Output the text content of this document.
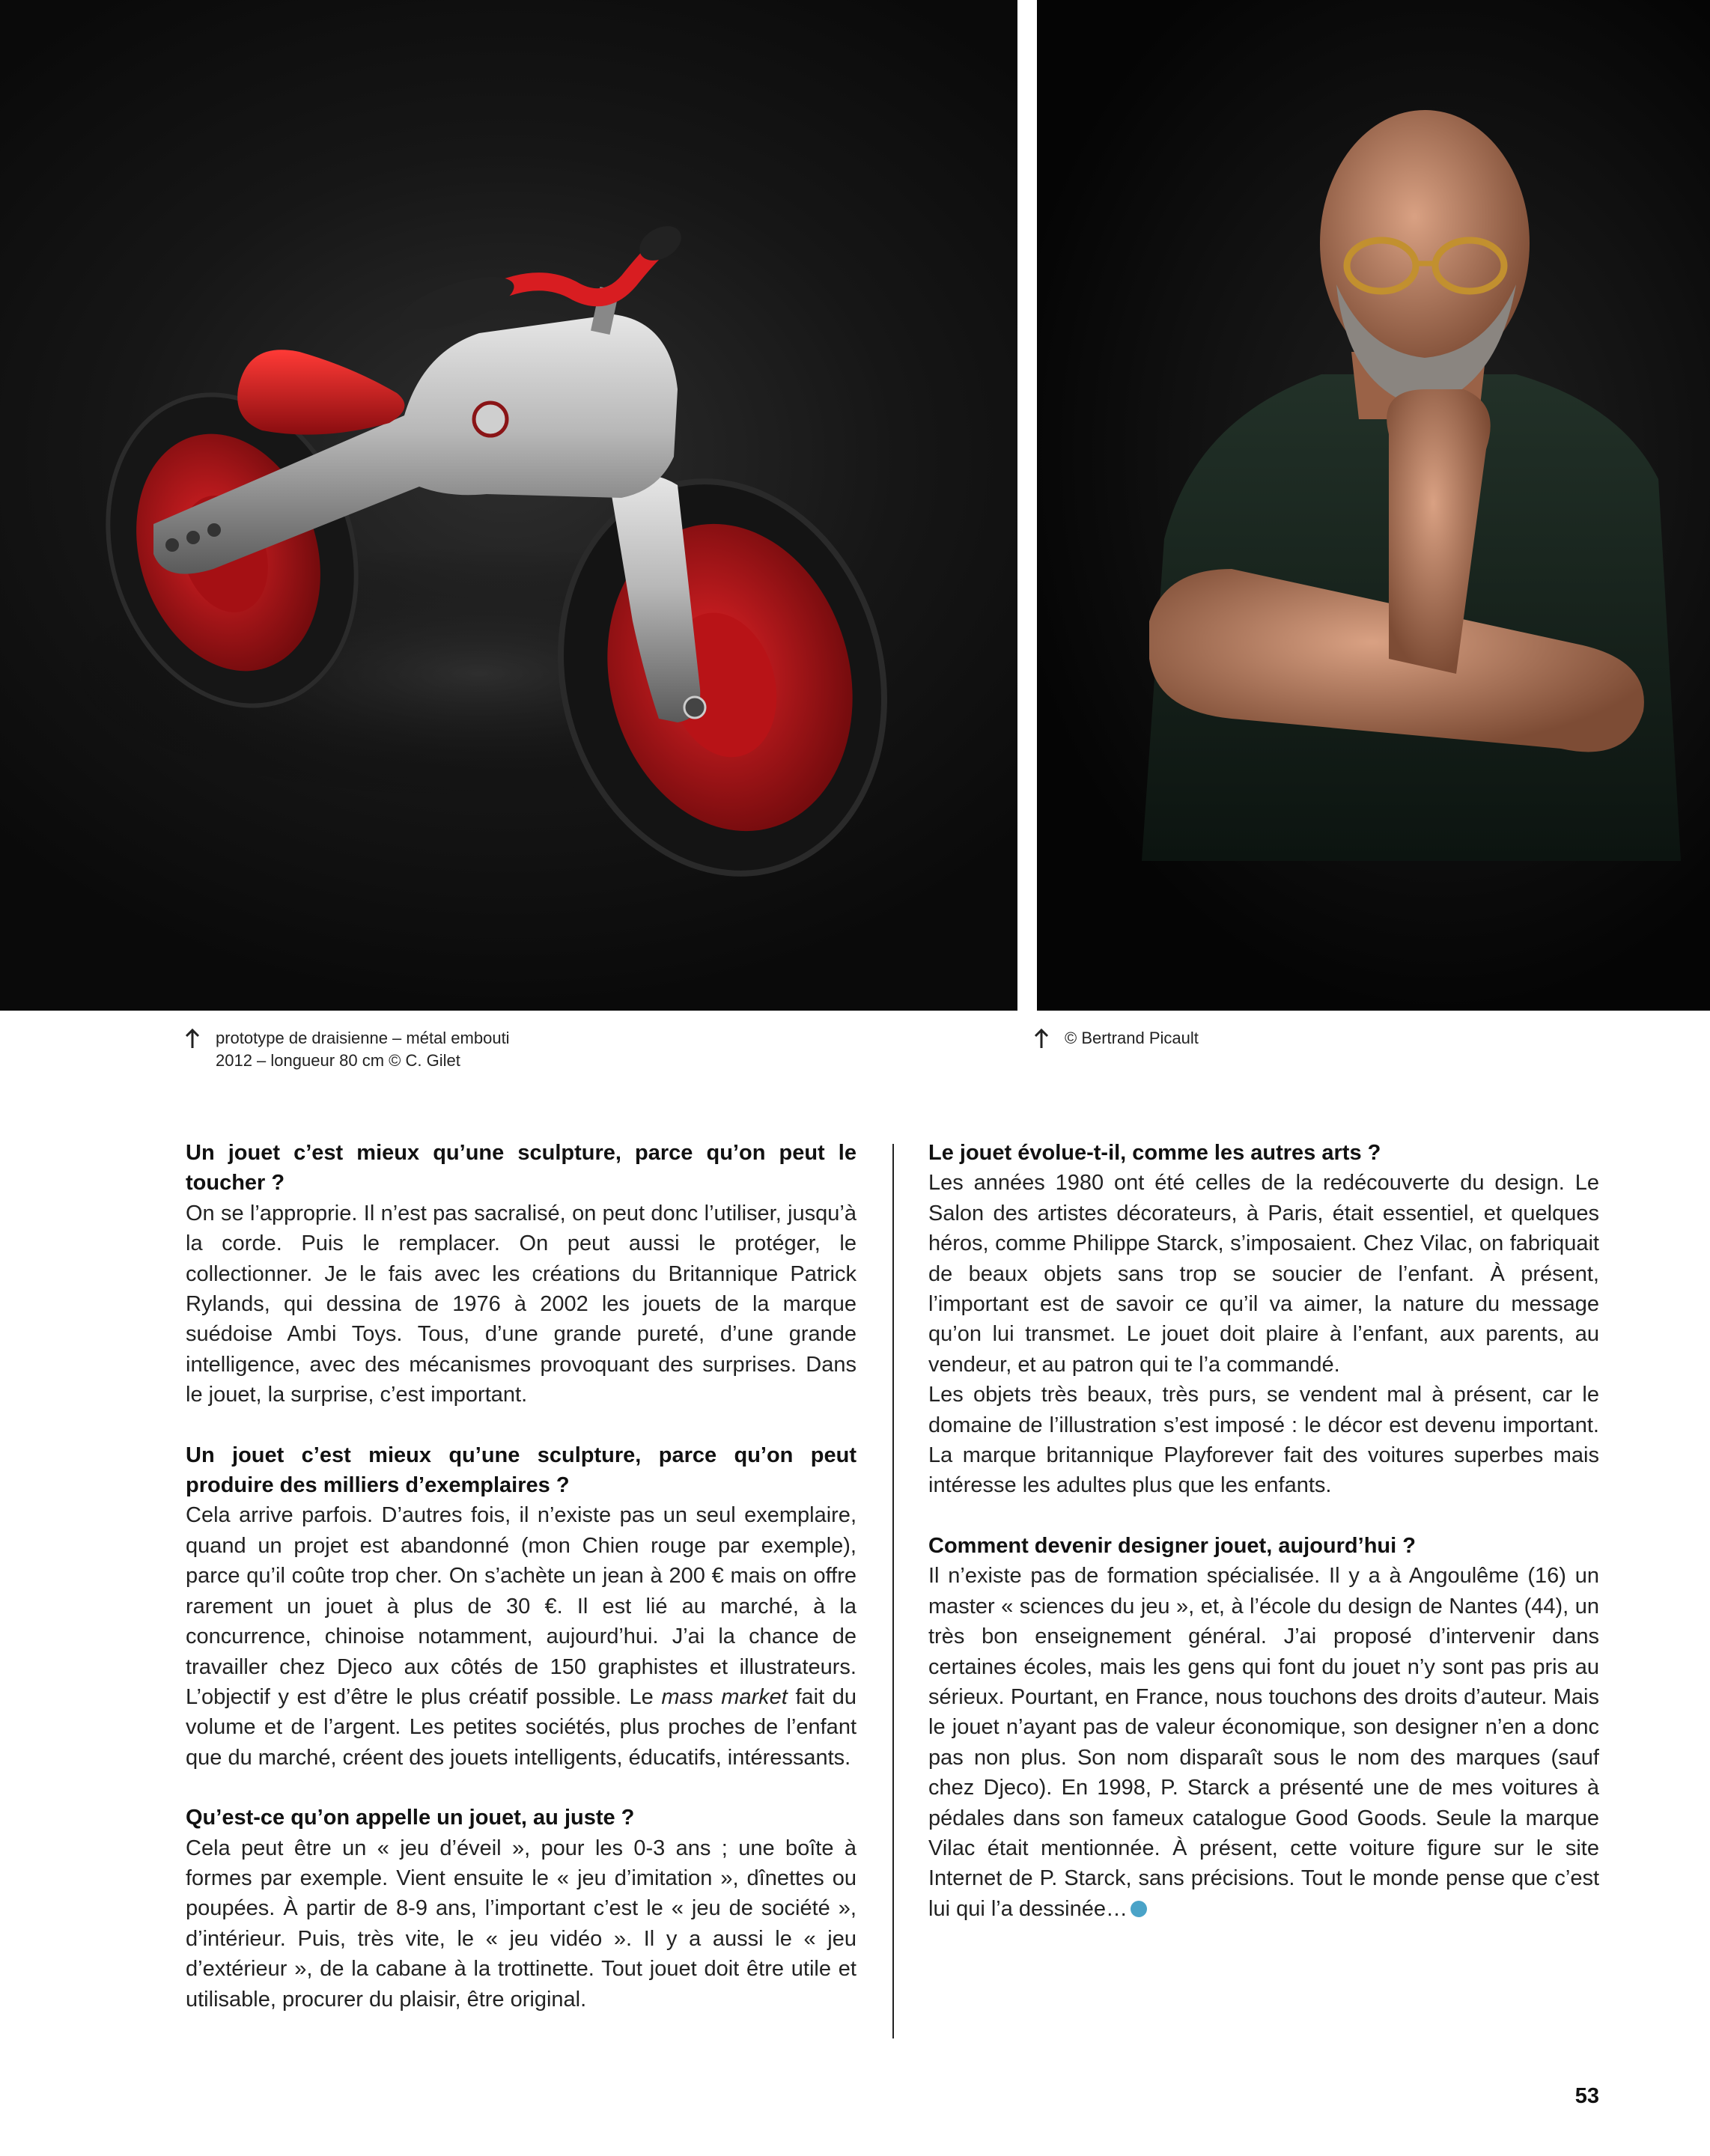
prototype de draisienne – métal embouti
2012 – longueur 80 cm © C. Gilet
© Bertrand Picault

Un jouet c’est mieux qu’une sculpture, parce qu’on peut le toucher ?

On se l’approprie. Il n’est pas sacralisé, on peut donc l’utiliser, jusqu’à la corde. Puis le remplacer. On peut aussi le protéger, le collectionner. Je le fais avec les créations du Britannique Patrick Rylands, qui dessina de 1976 à 2002 les jouets de la marque suédoise Ambi Toys. Tous, d’une grande pureté, d’une grande intelligence, avec des mécanismes provoquant des surprises. Dans le jouet, la surprise, c’est important.

Un jouet c’est mieux qu’une sculpture, parce qu’on peut produire des milliers d’exemplaires ?

Cela arrive parfois. D’autres fois, il n’existe pas un seul exemplaire, quand un projet est abandonné (mon Chien rouge par exemple), parce qu’il coûte trop cher. On s’achète un jean à 200 € mais on offre rarement un jouet à plus de 30 €. Il est lié au marché, à la concurrence, chinoise notamment, aujourd’hui. J’ai la chance de travailler chez Djeco aux côtés de 150 graphistes et illustrateurs. L’objectif y est d’être le plus créatif possible. Le mass market fait du volume et de l’argent. Les petites sociétés, plus proches de l’enfant que du marché, créent des jouets intelligents, éducatifs, intéressants.

Qu’est-ce qu’on appelle un jouet, au juste ?

Cela peut être un « jeu d’éveil », pour les 0-3 ans ; une boîte à formes par exemple. Vient ensuite le « jeu d’imitation », dînettes ou poupées. À partir de 8-9 ans, l’important c’est le « jeu de société », d’intérieur. Puis, très vite, le « jeu vidéo ». Il y a aussi le « jeu d’extérieur », de la cabane à la trottinette. Tout jouet doit être utile et utilisable, procurer du plaisir, être original.

Le jouet évolue-t-il, comme les autres arts ?

Les années 1980 ont été celles de la redécouverte du design. Le Salon des artistes décorateurs, à Paris, était essentiel, et quelques héros, comme Philippe Starck, s’imposaient. Chez Vilac, on fabriquait de beaux objets sans trop se soucier de l’enfant. À présent, l’important est de savoir ce qu’il va aimer, la nature du message qu’on lui transmet. Le jouet doit plaire à l’enfant, aux parents, au vendeur, et au patron qui te l’a commandé.

Les objets très beaux, très purs, se vendent mal à présent, car le domaine de l’illustration s’est imposé : le décor est devenu important. La marque britannique Playforever fait des voitures superbes mais intéresse les adultes plus que les enfants.

Comment devenir designer jouet, aujourd’hui ?

Il n’existe pas de formation spécialisée. Il y a à Angoulême (16) un master « sciences du jeu », et, à l’école du design de Nantes (44), un très bon enseignement général. J’ai proposé d’intervenir dans certaines écoles, mais les gens qui font du jouet n’y sont pas pris au sérieux. Pourtant, en France, nous touchons des droits d’auteur. Mais le jouet n’ayant pas de valeur économique, son designer n’en a donc pas non plus. Son nom disparaît sous le nom des marques (sauf chez Djeco). En 1998, P. Starck a présenté une de mes voitures à pédales dans son fameux catalogue Good Goods. Seule la marque Vilac était mentionnée. À présent, cette voiture figure sur le site Internet de P. Starck, sans précisions. Tout le monde pense que c’est lui qui l’a dessinée…

53
